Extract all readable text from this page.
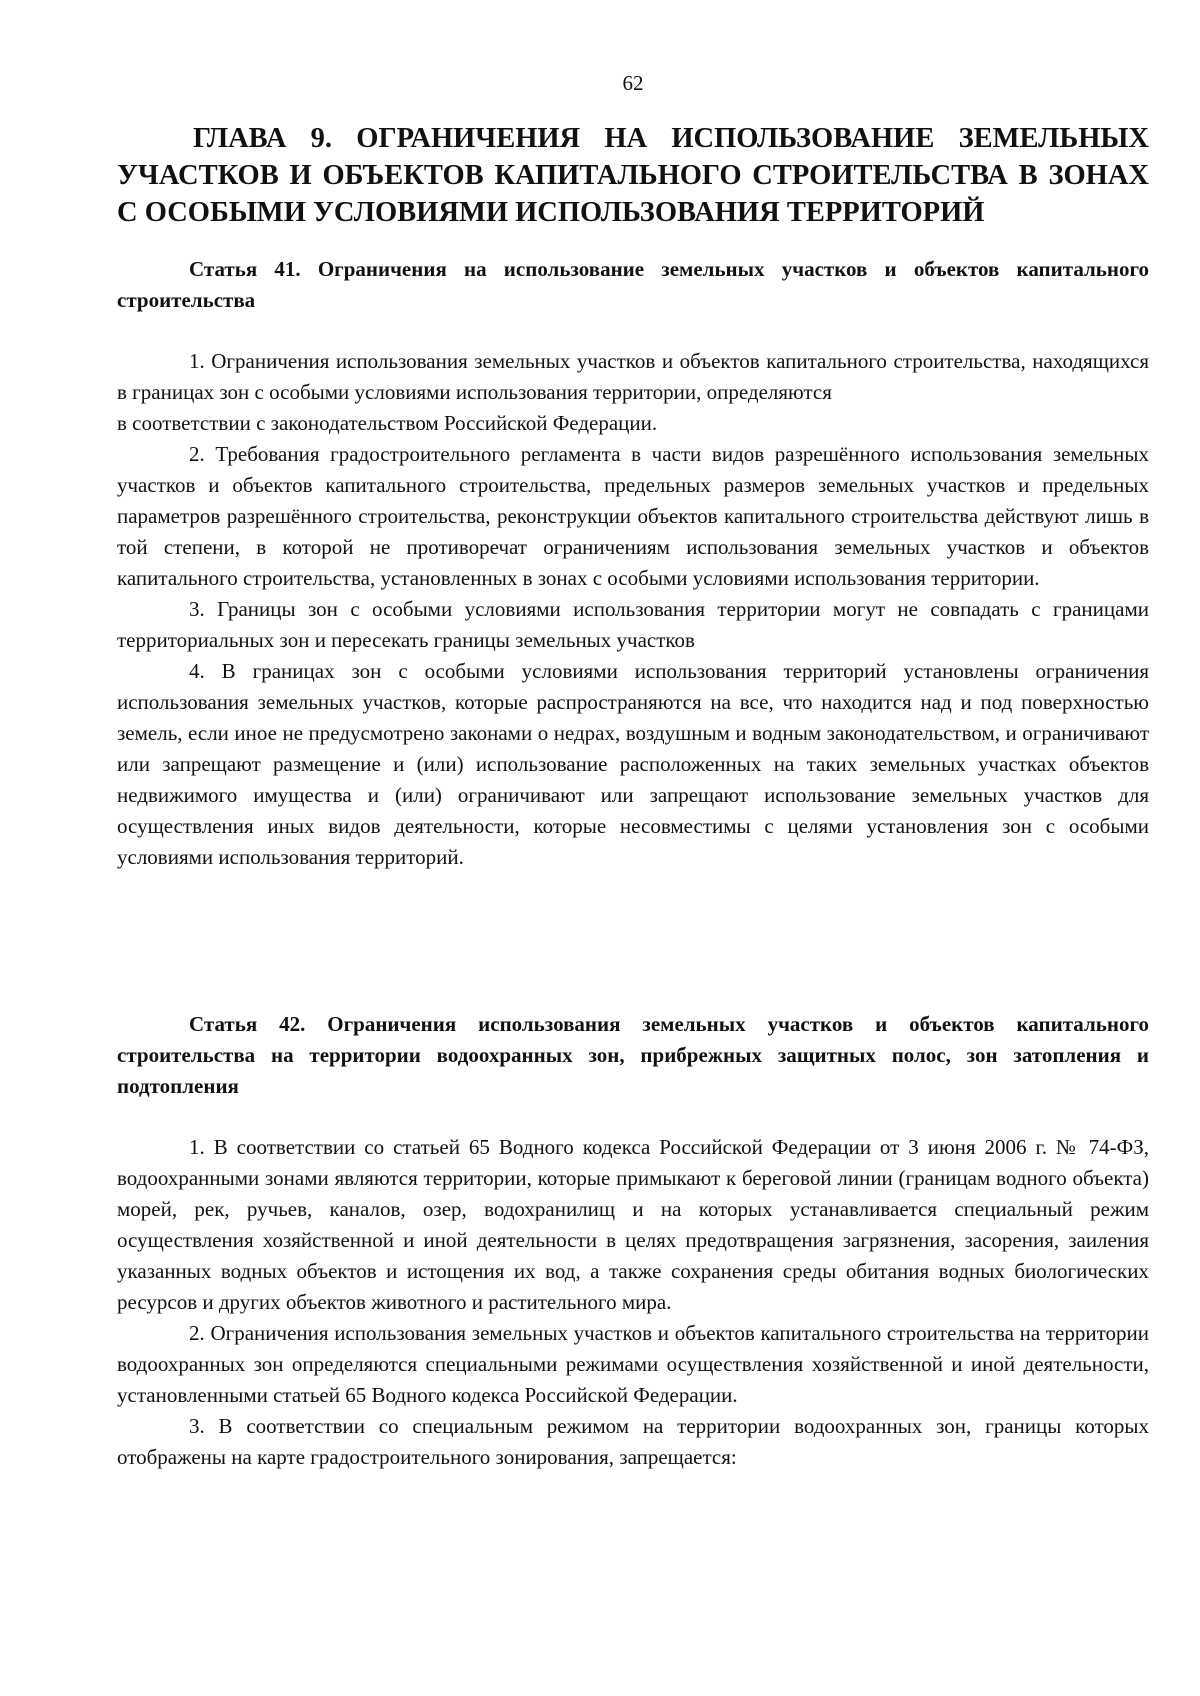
62
ГЛАВА 9. ОГРАНИЧЕНИЯ НА ИСПОЛЬЗОВАНИЕ ЗЕМЕЛЬНЫХ УЧАСТКОВ И ОБЪЕКТОВ КАПИТАЛЬНОГО СТРОИТЕЛЬСТВА В ЗОНАХ С ОСОБЫМИ УСЛОВИЯМИ ИСПОЛЬЗОВАНИЯ ТЕРРИТОРИЙ
Статья 41. Ограничения на использование земельных участков и объектов капитального строительства

1. Ограничения использования земельных участков и объектов капитального строительства, находящихся в границах зон с особыми условиями использования территории, определяются

в соответствии с законодательством Российской Федерации.

2. Требования градостроительного регламента в части видов разрешённого использования земельных участков и объектов капитального строительства, предельных размеров земельных участков и предельных параметров разрешённого строительства, реконструкции объектов капитального строительства действуют лишь в той степени, в которой не противоречат ограничениям использования земельных участков и объектов капитального строительства, установленных в зонах с особыми условиями использования территории.

3. Границы зон с особыми условиями использования территории могут не совпадать с границами территориальных зон и пересекать границы земельных участков

4. В границах зон с особыми условиями использования территорий установлены ограничения использования земельных участков, которые распространяются на все, что находится над и под поверхностью земель, если иное не предусмотрено законами о недрах, воздушным и водным законодательством, и ограничивают или запрещают размещение и (или) использование расположенных на таких земельных участках объектов недвижимого имущества и (или) ограничивают или запрещают использование земельных участков для осуществления иных видов деятельности, которые несовместимы с целями установления зон с особыми условиями использования территорий.

Статья 42. Ограничения использования земельных участков и объектов капитального строительства на территории водоохранных зон, прибрежных защитных полос, зон затопления и подтопления

1. В соответствии со статьей 65 Водного кодекса Российской Федерации от 3 июня 2006 г. № 74-ФЗ, водоохранными зонами являются территории, которые примыкают к береговой линии (границам водного объекта) морей, рек, ручьев, каналов, озер, водохранилищ и на которых устанавливается специальный режим осуществления хозяйственной и иной деятельности в целях предотвращения загрязнения, засорения, заиления указанных водных объектов и истощения их вод, а также сохранения среды обитания водных биологических ресурсов и других объектов животного и растительного мира.

2. Ограничения использования земельных участков и объектов капитального строительства на территории водоохранных зон определяются специальными режимами осуществления хозяйственной и иной деятельности, установленными статьей 65 Водного кодекса Российской Федерации.

3. В соответствии со специальным режимом на территории водоохранных зон, границы которых отображены на карте градостроительного зонирования, запрещается:
